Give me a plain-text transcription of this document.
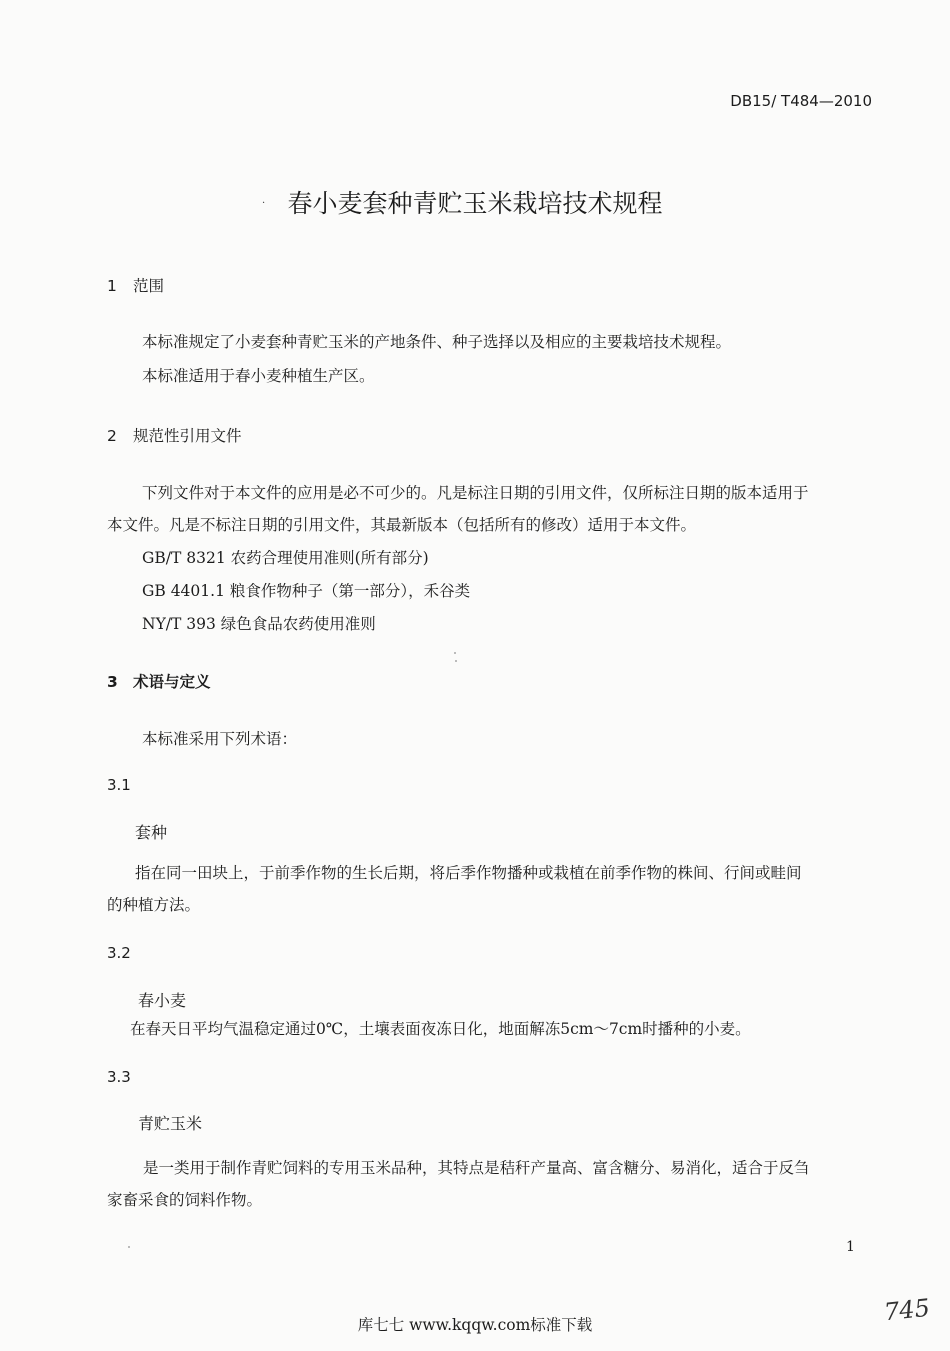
DB15/ T484—2010
· 春小麦套种青贮玉米栽培技术规程
1 范围
本标准规定了小麦套种青贮玉米的产地条件、种子选择以及相应的主要栽培技术规程。
本标准适用于春小麦种植生产区。
2 规范性引用文件
下列文件对于本文件的应用是必不可少的。凡是标注日期的引用文件，仅所标注日期的版本适用于
本文件。凡是不标注日期的引用文件，其最新版本（包括所有的修改）适用于本文件。
GB/T 8321 农药合理使用准则(所有部分)
GB 4401.1 粮食作物种子（第一部分），禾谷类
NY/T 393 绿色食品农药使用准则
3 术语与定义
本标准采用下列术语：
3.1
套种
指在同一田块上，于前季作物的生长后期，将后季作物播种或栽植在前季作物的株间、行间或畦间
的种植方法。
3.2
春小麦
在春天日平均气温稳定通过0℃，土壤表面夜冻日化，地面解冻5cm～7cm时播种的小麦。
3.3
青贮玉米
是一类用于制作青贮饲料的专用玉米品种，其特点是秸秆产量高、富含糖分、易消化，适合于反刍
家畜采食的饲料作物。
1
库七七 www.kqqw.com标准下载	745
